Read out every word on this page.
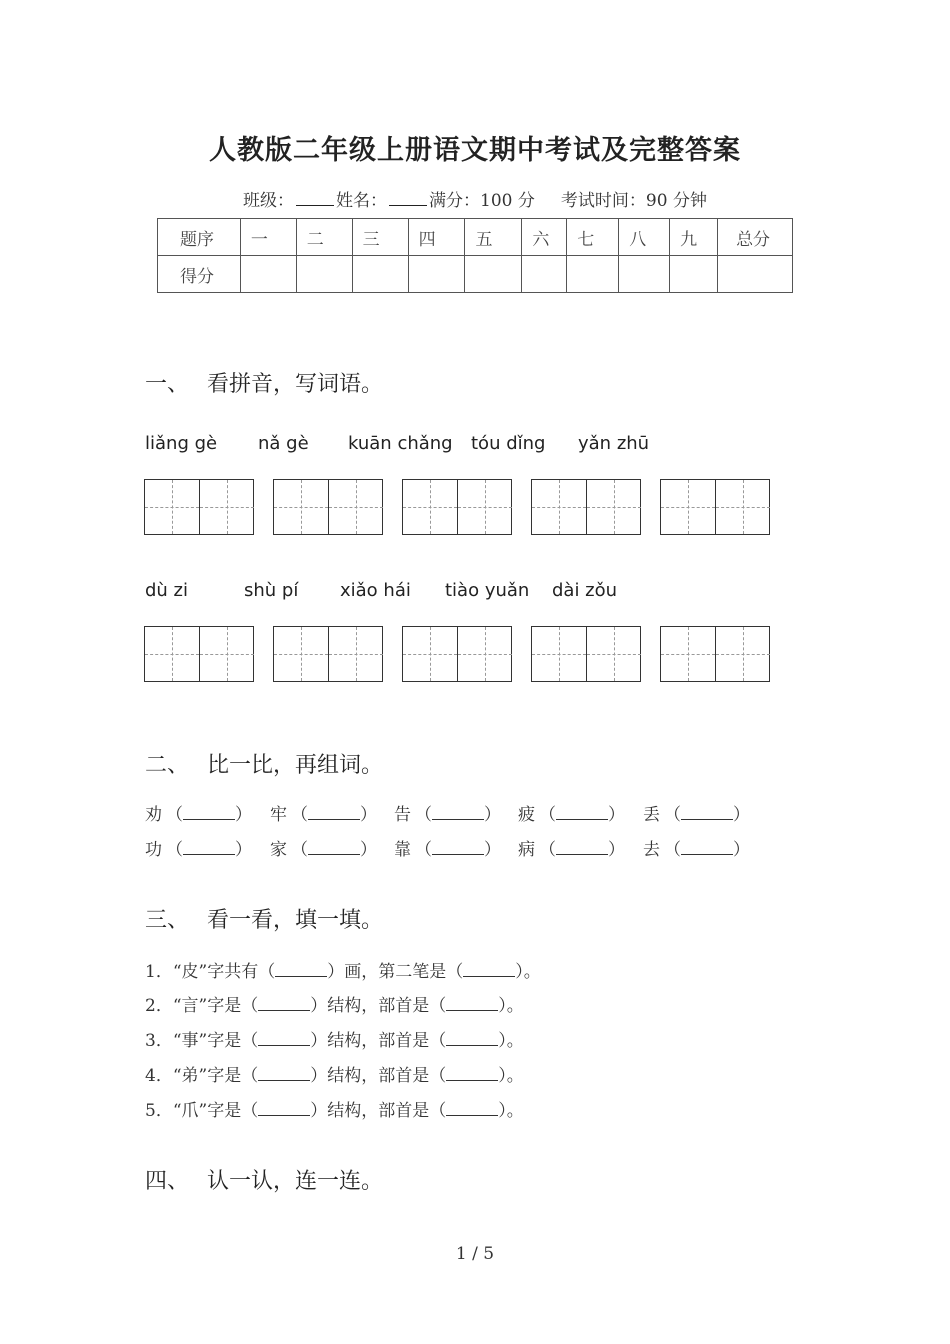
人教版二年级上册语文期中考试及完整答案
班级： 姓名： 满分：100 分 考试时间：90 分钟
题序	一	二	三	四	五	六	七	八	九	总分
得分										
一、 看拼音，写词语。
liǎng gè nǎ gè kuān chǎng tóu dǐng yǎn zhū
dù zi	shù pí xiǎo hái tiào yuǎn dài zǒu
二、 比一比，再组词。
劝 （	） 牢 （	） 告 （	） 疲 （	） 丢 （	）
功 （	） 家 （	） 靠 （	） 病 （	） 去 （	）
三、 看一看，填一填。
1．“皮”字共有（	）画，第二笔是（	）。
2．“言”字是（	）结构，部首是（	）。
3．“事”字是（	）结构，部首是（	）。
4．“弟”字是（	）结构，部首是（	）。
5．“爪”字是（	）结构，部首是（	）。
四、 认一认，连一连。
1 / 5
